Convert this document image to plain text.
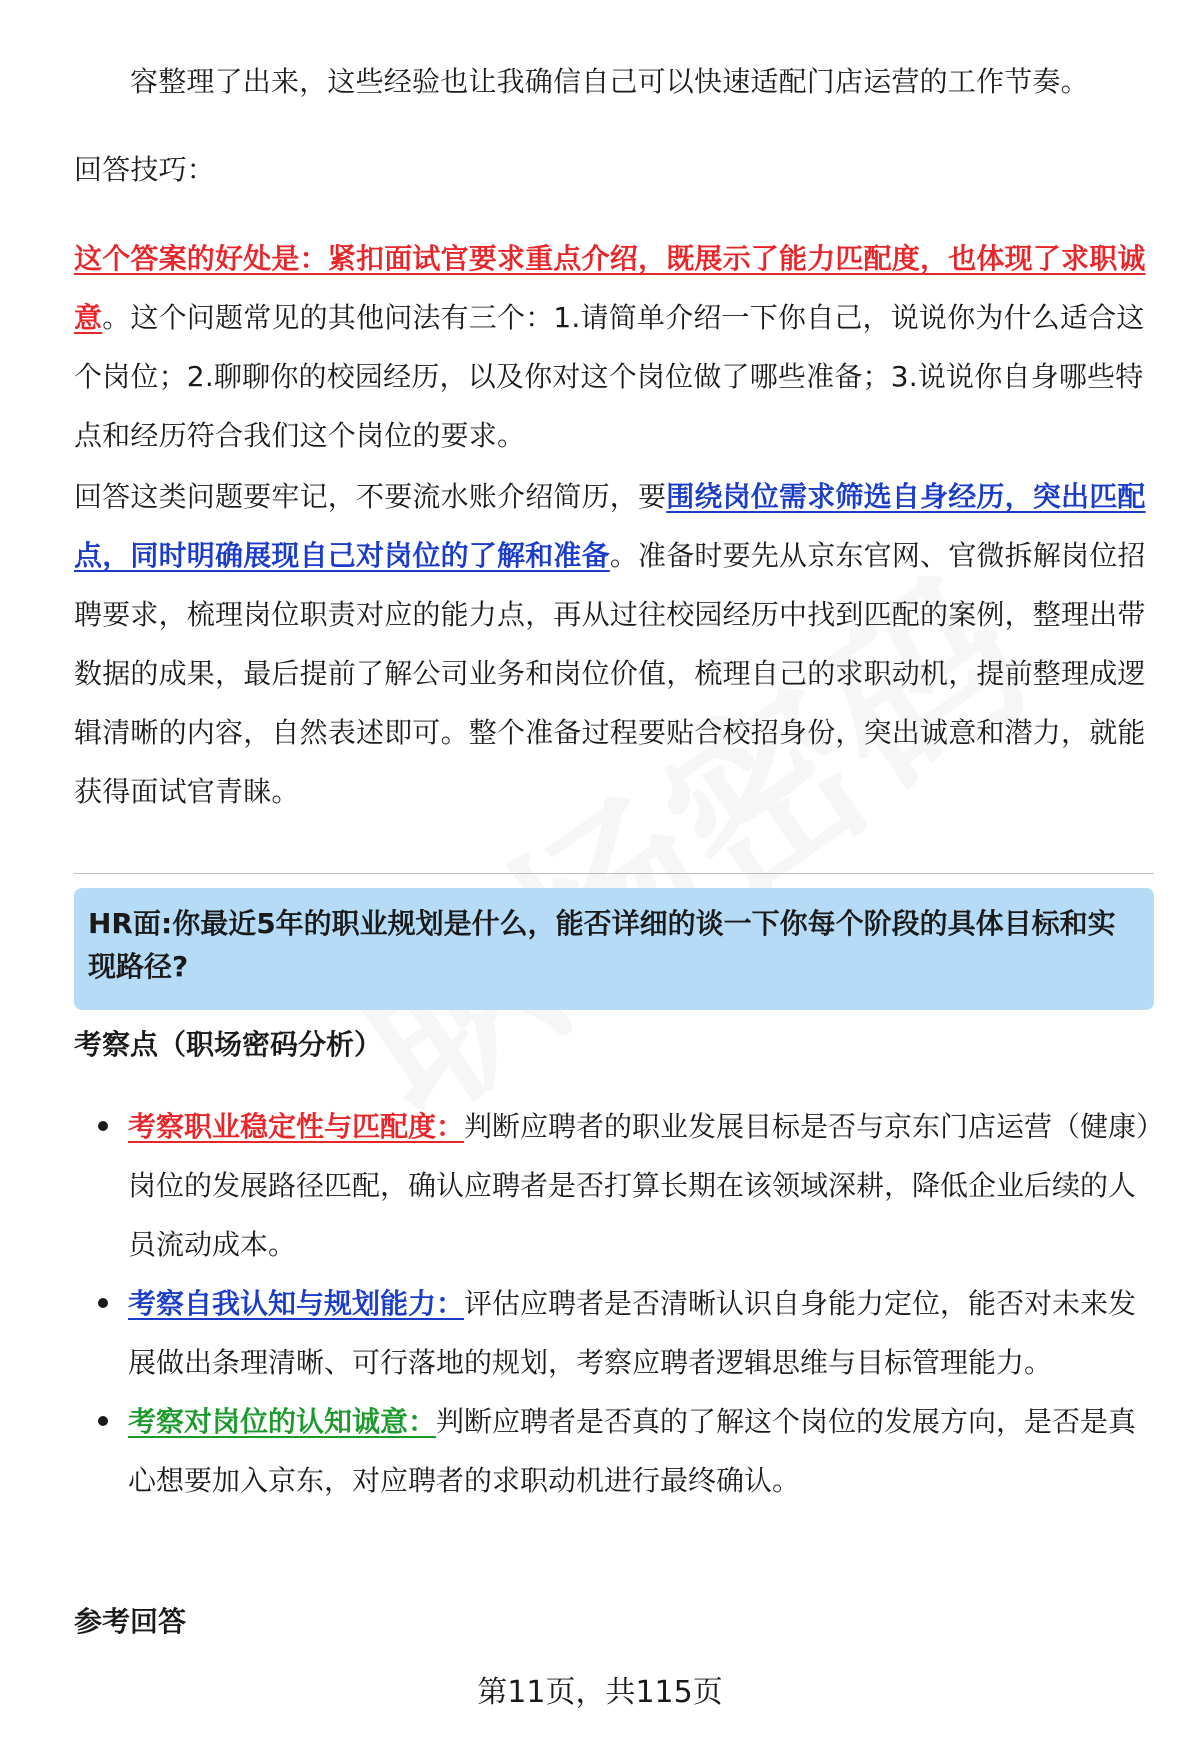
容整理了出来，这些经验也让我确信自己可以快速适配门店运营的工作节奏。

回答技巧：

这个答案的好处是：紧扣面试官要求重点介绍，既展示了能力匹配度，也体现了求职诚意。这个问题常见的其他问法有三个：1.请简单介绍一下你自己，说说你为什么适合这个岗位；2.聊聊你的校园经历，以及你对这个岗位做了哪些准备；3.说说你自身哪些特点和经历符合我们这个岗位的要求。

回答这类问题要牢记，不要流水账介绍简历，要围绕岗位需求筛选自身经历，突出匹配点，同时明确展现自己对岗位的了解和准备。准备时要先从京东官网、官微拆解岗位招聘要求，梳理岗位职责对应的能力点，再从过往校园经历中找到匹配的案例，整理出带数据的成果，最后提前了解公司业务和岗位价值，梳理自己的求职动机，提前整理成逻辑清晰的内容，自然表述即可。整个准备过程要贴合校招身份，突出诚意和潜力，就能获得面试官青睐。

HR面:你最近5年的职业规划是什么，能否详细的谈一下你每个阶段的具体目标和实现路径?

考察点（职场密码分析）

考察职业稳定性与匹配度：判断应聘者的职业发展目标是否与京东门店运营（健康）岗位的发展路径匹配，确认应聘者是否打算长期在该领域深耕，降低企业后续的人员流动成本。
考察自我认知与规划能力：评估应聘者是否清晰认识自身能力定位，能否对未来发展做出条理清晰、可行落地的规划，考察应聘者逻辑思维与目标管理能力。
考察对岗位的认知诚意：判断应聘者是否真的了解这个岗位的发展方向，是否是真心想要加入京东，对应聘者的求职动机进行最终确认。

参考回答

第11页，共115页
